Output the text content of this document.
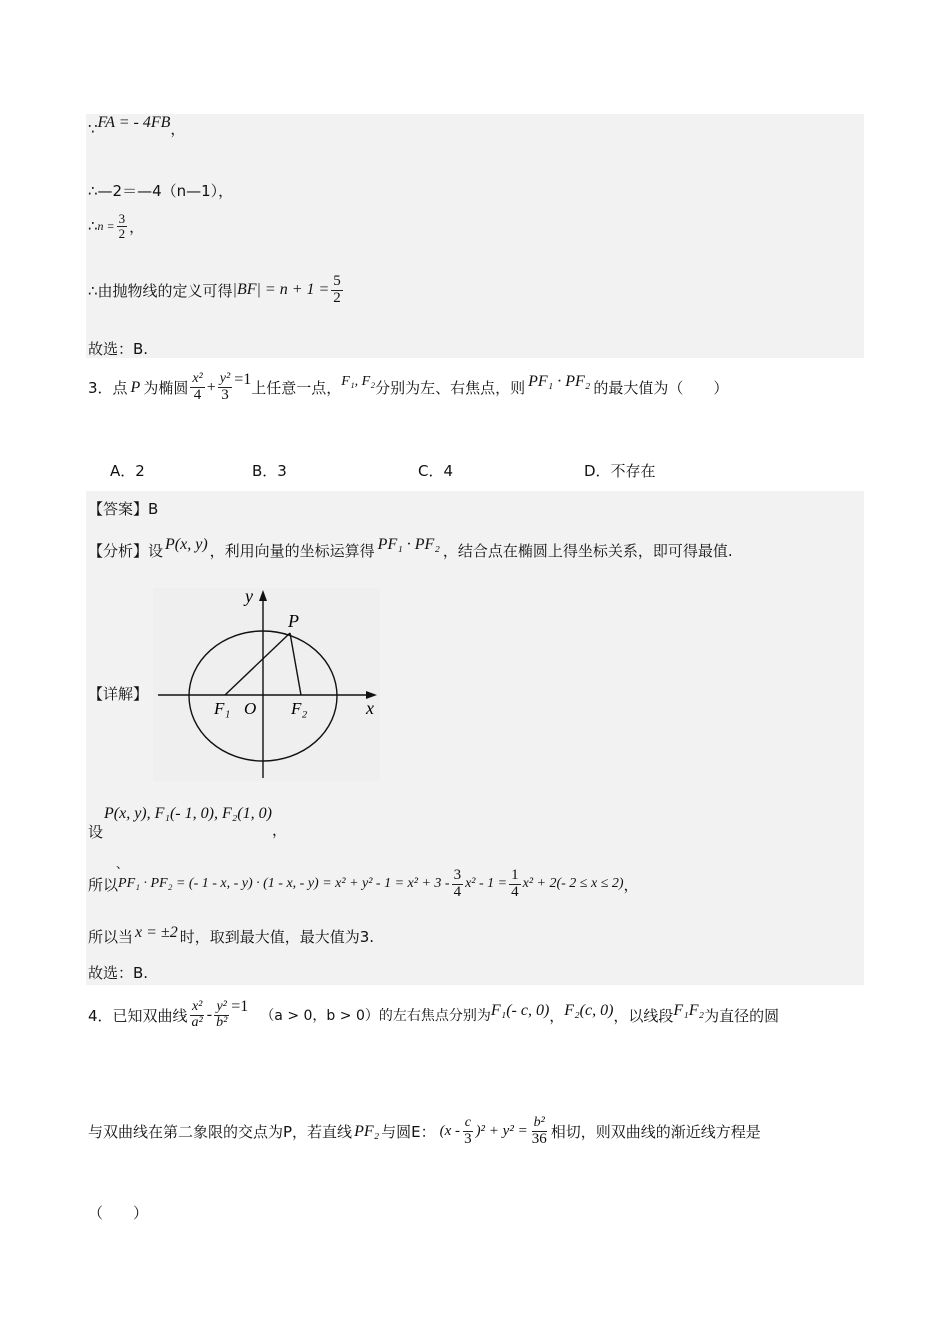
∵ FA = - 4FB ，
∴—2＝—4（n—1），
∴ $n = \frac{3}{2}$ ，
∴由抛物线的定义可得 $|BF| = n + 1 = \frac{5}{2}$
故选：B.
3．点 P 为椭圆 $\frac{\text{x²}}{4} + \frac{\text{y²}}{3} =1$ 上任意一点， F₁, F₂ 分别为左、右焦点，则 PF₁ · PF₂ 的最大值为（　　）
A．2	B．3	C．4	D．不存在
【答案】B
【分析】设 P(x, y) ，利用向量的坐标运算得 PF₁ · PF₂ ，结合点在椭圆上得坐标关系，即可得最值.
【详解】
y
P
F₁ O F₂	x
P(x, y), F₁(- 1, 0), F₂(1, 0)
，
设
、
所以 PF₁ · PF₂ = (- 1 - x, - y) · (1 - x, - $y) = x^2 + y^2 - 1 = x^2 + 3 - \frac{3}{4} x^2 - 1 = \frac{1}{4} x^2 + 2(-$ 2 ≤ x ≤ 2) ，
所以当 x = ±2 时，取到最大值，最大值为3.
故选：B.
4．已知双曲线 $\frac{\text{x²}}{\text{a²}} - \frac{\text{y²}}{\text{b²}} =1$
（a > 0，b > 0）的左右焦点分别为 F₁(- c, 0) ， F₂(c, 0) ，以线段 F₁F₂ 为直径的圆
与双曲线在第二象限的交点为P，若直线 PF₂ 与圆E： $(x - \frac{c}{3} )^2 + y^2 = \frac{\text{b²}}{36}$ 相切，则双曲线的渐近线方程是
（　　）
